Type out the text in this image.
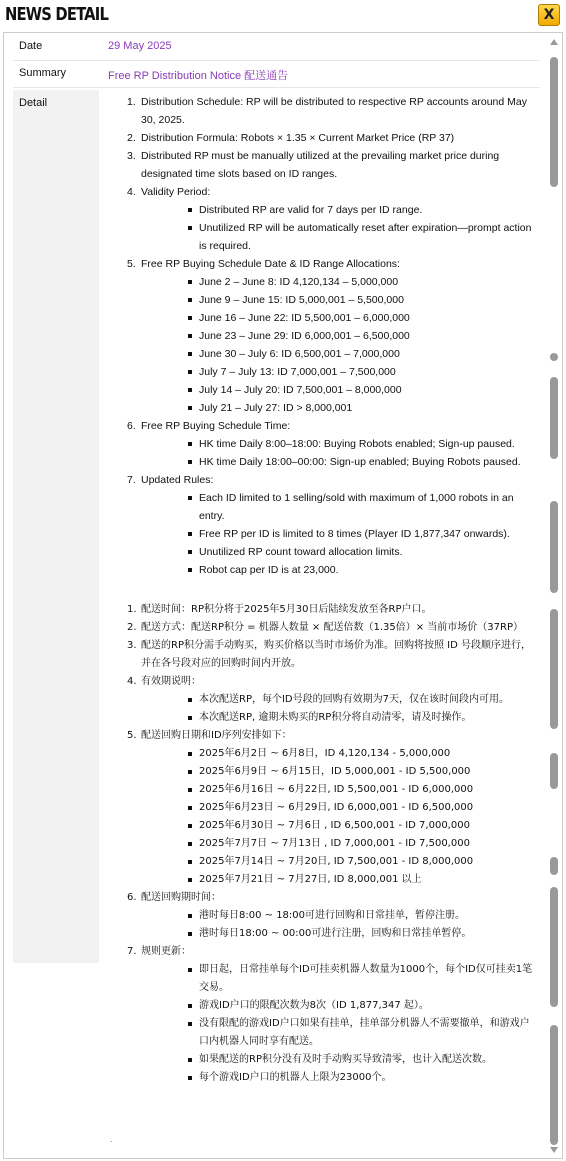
NEWS DETAIL	X
Date	29 May 2025
Summary	Free RP Distribution Notice 配送通告
Detail	1. Distribution Schedule: RP will be distributed to respective RP accounts around May 30, 2025.
2. Distribution Formula: Robots × 1.35 × Current Market Price (RP 37)
3. Distributed RP must be manually utilized at the prevailing market price during designated time slots based on ID ranges.
4. Validity Period:
Distributed RP are valid for 7 days per ID range.
Unutilized RP will be automatically reset after expiration—prompt action is required.
5. Free RP Buying Schedule Date & ID Range Allocations:
June 2 – June 8: ID 4,120,134 – 5,000,000
June 9 – June 15: ID 5,000,001 – 5,500,000
June 16 – June 22: ID 5,500,001 – 6,000,000
June 23 – June 29: ID 6,000,001 – 6,500,000
June 30 – July 6: ID 6,500,001 – 7,000,000
July 7 – July 13: ID 7,000,001 – 7,500,000
July 14 – July 20: ID 7,500,001 – 8,000,000
July 21 – July 27: ID > 8,000,001
6. Free RP Buying Schedule Time:
HK time Daily 8:00–18:00: Buying Robots enabled; Sign-up paused.
HK time Daily 18:00–00:00: Sign-up enabled; Buying Robots paused.
7. Updated Rules:
Each ID limited to 1 selling/sold with maximum of 1,000 robots in an entry.
Free RP per ID is limited to 8 times (Player ID 1,877,347 onwards).
Unutilized RP count toward allocation limits.
Robot cap per ID is at 23,000.
1. 配送时间：RP积分将于2025年5月30日后陆续发放至各RP户口。
2. 配送方式：配送RP积分 = 机器人数量 × 配送倍数（1.35倍）× 当前市场价（37RP）
3. 配送的RP积分需手动购买，购买价格以当时市场价为准。回购将按照 ID 号段顺序进行，并在各号段对应的回购时间内开放。
4. 有效期说明：
本次配送RP，每个ID号段的回购有效期为7天，仅在该时间段内可用。
本次配送RP, 逾期未购买的RP积分将自动清零，请及时操作。
5. 配送回购日期和ID序列安排如下：
2025年6月2日 ~ 6月8日，ID 4,120,134 - 5,000,000
2025年6月9日 ~ 6月15日，ID 5,000,001 - ID 5,500,000
2025年6月16日 ~ 6月22日, ID 5,500,001 - ID 6,000,000
2025年6月23日 ~ 6月29日, ID 6,000,001 - ID 6,500,000
2025年6月30日 ~ 7月6日 , ID 6,500,001 - ID 7,000,000
2025年7月7日 ~ 7月13日 , ID 7,000,001 - ID 7,500,000
2025年7月14日 ~ 7月20日, ID 7,500,001 - ID 8,000,000
2025年7月21日 ~ 7月27日, ID 8,000,001 以上
6. 配送回购期时间：
港时每日8:00 ~ 18:00可进行回购和日常挂单，暂停注册。
港时每日18:00 ~ 00:00可进行注册，回购和日常挂单暂停。
7. 规则更新：
即日起，日常挂单每个ID可挂卖机器人数量为1000个，每个ID仅可挂卖1笔交易。
游戏ID户口的限配次数为8次（ID 1,877,347 起）。
没有限配的游戏ID户口如果有挂单，挂单部分机器人不需要撤单，和游戏户口内机器人同时享有配送。
如果配送的RP积分没有及时手动购买导致清零，也计入配送次数。
每个游戏ID户口的机器人上限为23000个。
.
